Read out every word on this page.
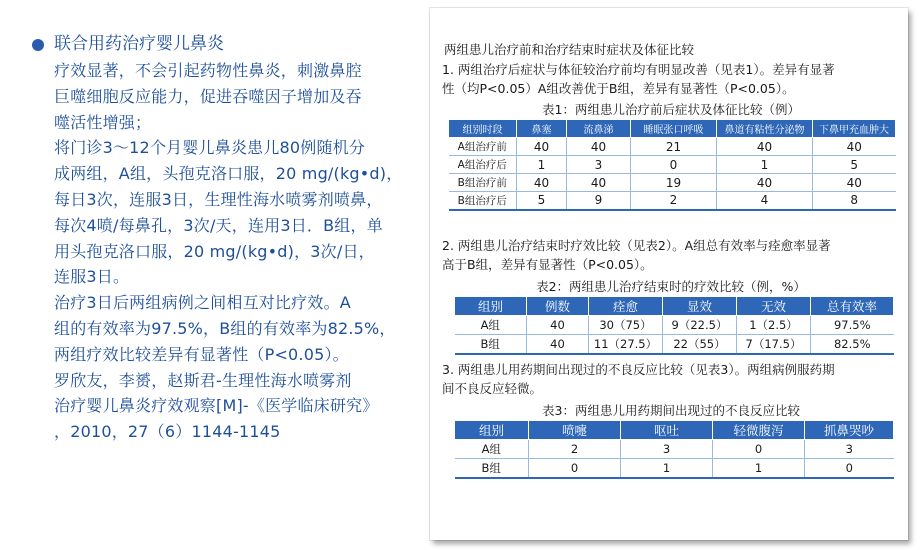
联合用药治疗婴儿鼻炎

疗效显著，不会引起药物性鼻炎，刺激鼻腔

巨噬细胞反应能力，促进吞噬因子增加及吞

噬活性增强；

将门诊3～12个月婴儿鼻炎患儿80例随机分

成两组，A组，头孢克洛口服，20 mg/(kg•d)，

每日3次，连服3日，生理性海水喷雾剂喷鼻，

每次4喷/每鼻孔，3次/天，连用3日．B组，单

用头孢克洛口服，20 mg/(kg•d)，3次/日，

连服3日。

治疗3日后两组病例之间相互对比疗效。A

组的有效率为97.5%，B组的有效率为82.5%，

两组疗效比较差异有显著性（P<0.05）。

罗欣友，李赟，赵斯君-生理性海水喷雾剂

治疗婴儿鼻炎疗效观察[M]-《医学临床研究》

，2010，27（6）1144-1145

两组患儿治疗前和治疗结束时症状及体征比较
1. 两组治疗后症状与体征较治疗前均有明显改善（见表1）。差异有显著
性（均P<0.05）A组改善优于B组，差异有显著性（P<0.05）。
表1：两组患儿治疗前后症状及体征比较（例）
组别时段	鼻塞	流鼻涕	睡眠张口呼吸	鼻道有粘性分泌物	下鼻甲充血肿大
A组治疗前	40	40	21	40	40
A组治疗后	1	3	0	1	5
B组治疗前	40	40	19	40	40
B组治疗后	5	9	2	4	8
2. 两组患儿治疗结束时疗效比较（见表2）。A组总有效率与痊愈率显著
高于B组，差异有显著性（P<0.05）。
表2：两组患儿治疗结束时的疗效比较（例，%）
组别	例数	痊愈	显效	无效	总有效率
A组	40	30（75）	9（22.5）	1（2.5）	97.5%
B组	40	11（27.5）	22（55）	7（17.5）	82.5%
3. 两组患儿用药期间出现过的不良反应比较（见表3）。两组病例服药期
间不良反应轻微。
表3：两组患儿用药期间出现过的不良反应比较
组别	喷嚏	呕吐	轻微腹泻	抓鼻哭吵
A组	2	3	0	3
B组	0	1	1	0
